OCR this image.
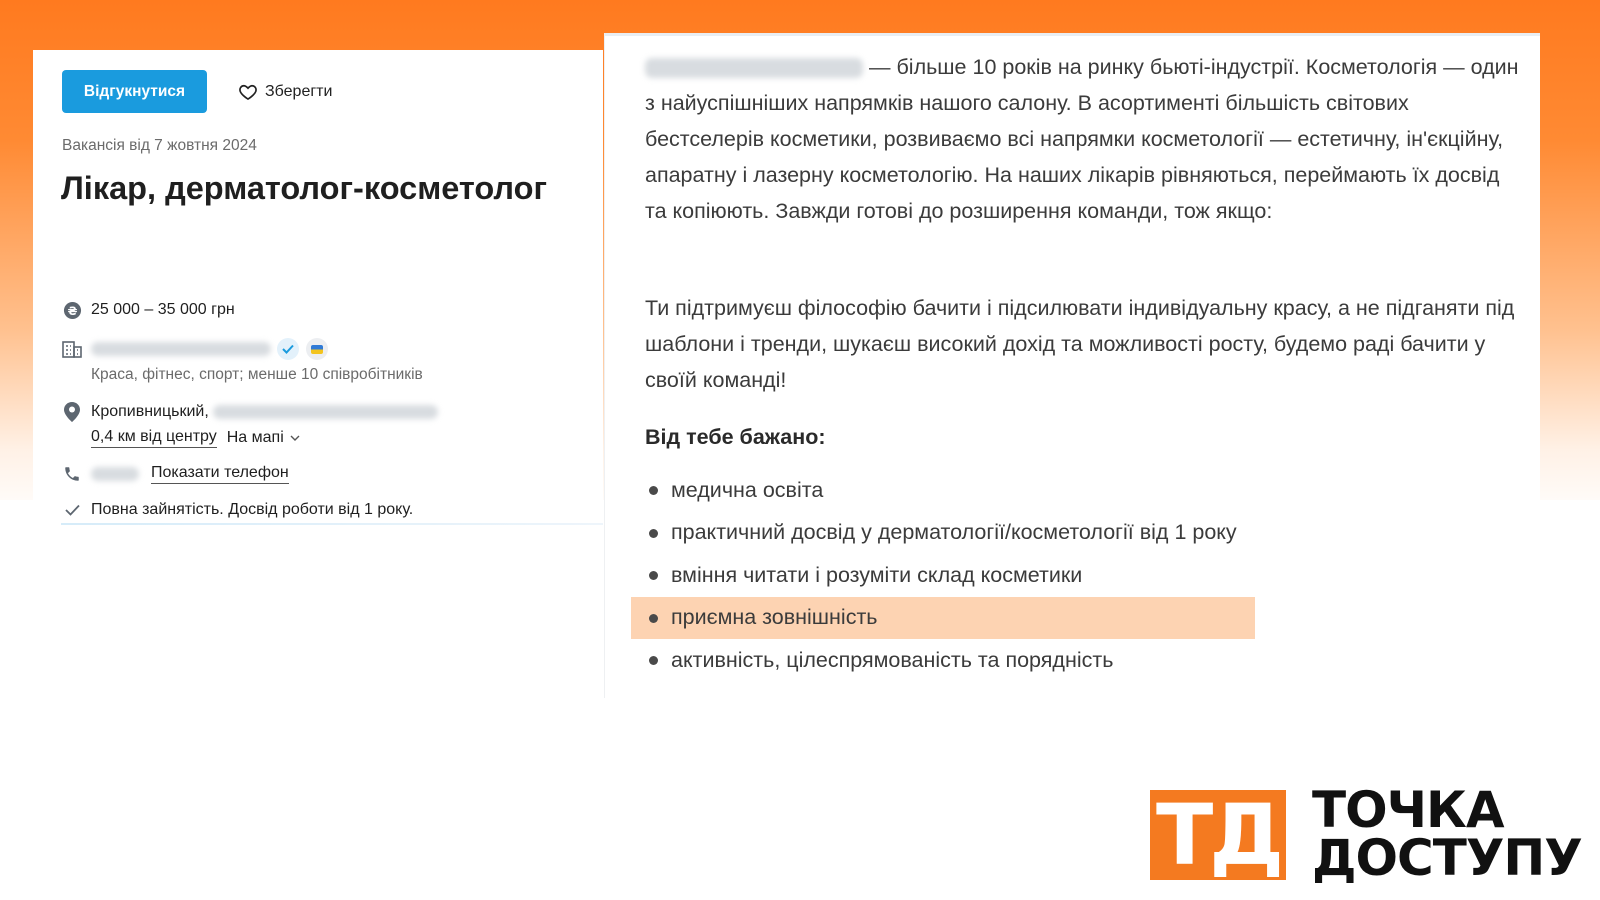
Відгукнутися	Зберегти
Вакансія від 7 жовтня 2024
Лікар, дерматолог-косметолог
₴ 25 000 – 35 000 грн
Краса, фітнес, спорт; менше 10 співробітників
Кропивницький,
0,4 км від центру На мапі
Показати телефон
Повна зайнятість. Досвід роботи від 1 року.

— більше 10 років на ринку бьюті-індустрії. Косметологія — один з найуспішніших напрямків нашого салону. В асортименті більшість світових бестселерів косметики, розвиваємо всі напрямки косметології — естетичну, ін'єкційну, апаратну і лазерну косметологію. На наших лікарів рівняються, переймають їх досвід та копіюють. Завжди готові до розширення команди, тож якщо:

Ти підтримуєш філософію бачити і підсилювати індивідуальну красу, а не підганяти під шаблони і тренди, шукаєш високий дохід та можливості росту, будемо раді бачити у своїй команді!

Від тебе бажано:
медична освіта
практичний досвід у дерматології/косметології від 1 року
вміння читати і розуміти склад косметики
приємна зовнішність
активність, цілеспрямованість та порядність
ТД ТОЧКА
ДОСТУПУ
